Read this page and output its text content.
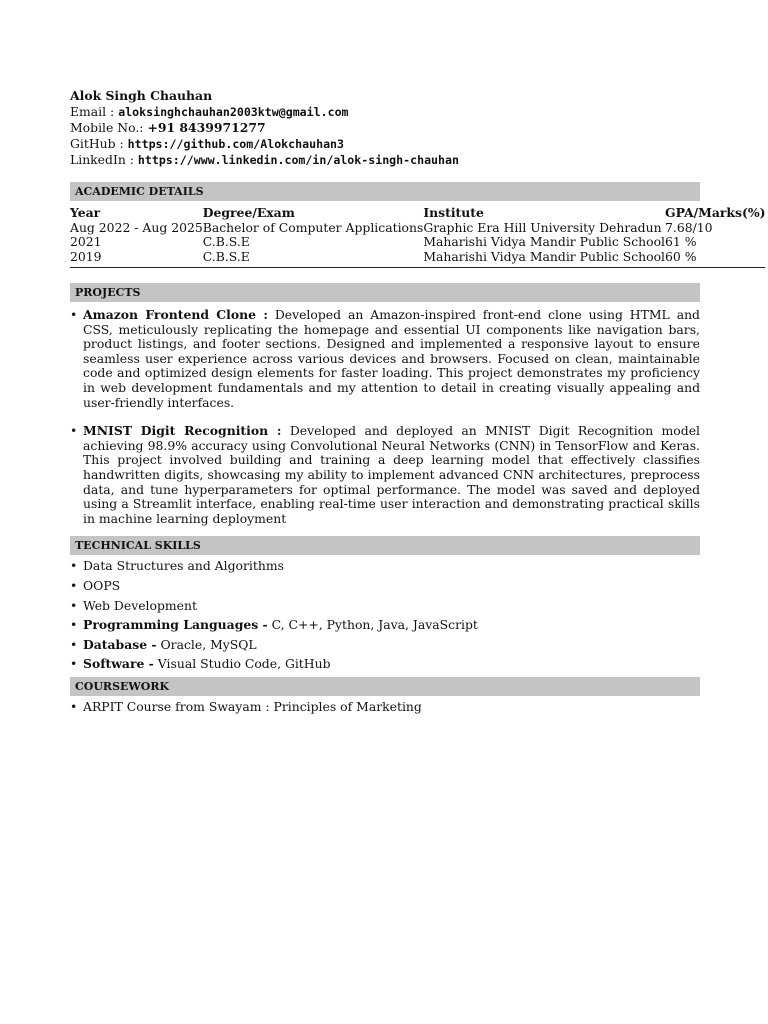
Alok Singh Chauhan
Email : aloksinghchauhan2003ktw@gmail.com
Mobile No.: +91 8439971277
GitHub : https://github.com/Alokchauhan3
LinkedIn : https://www.linkedin.com/in/alok-singh-chauhan
ACADEMIC DETAILS
Year	Degree/Exam	Institute	GPA/Marks(%)
Aug 2022 - Aug 2025	Bachelor of Computer Applications	Graphic Era Hill University Dehradun	7.68/10
2021	C.B.S.E	Maharishi Vidya Mandir Public School	61 %
2019	C.B.S.E	Maharishi Vidya Mandir Public School	60 %
PROJECTS
• Amazon Frontend Clone : Developed an Amazon-inspired front-end clone using HTML and CSS, meticulously replicating the homepage and essential UI components like navigation bars, product listings, and footer sections. Designed and implemented a responsive layout to ensure seamless user experience across various devices and browsers. Focused on clean, maintainable code and optimized design elements for faster loading. This project demonstrates my proficiency in web development fundamentals and my attention to detail in creating visually appealing and user-friendly interfaces.
• MNIST Digit Recognition : Developed and deployed an MNIST Digit Recognition model achieving 98.9% accuracy using Convolutional Neural Networks (CNN) in TensorFlow and Keras. This project involved building and training a deep learning model that effectively classifies handwritten digits, showcasing my ability to implement advanced CNN architectures, preprocess data, and tune hyperparameters for optimal performance. The model was saved and deployed using a Streamlit interface, enabling real-time user interaction and demonstrating practical skills in machine learning deployment
TECHNICAL SKILLS
• Data Structures and Algorithms
• OOPS
• Web Development
• Programming Languages - C, C++, Python, Java, JavaScript
• Database - Oracle, MySQL
• Software - Visual Studio Code, GitHub
COURSEWORK
• ARPIT Course from Swayam : Principles of Marketing
